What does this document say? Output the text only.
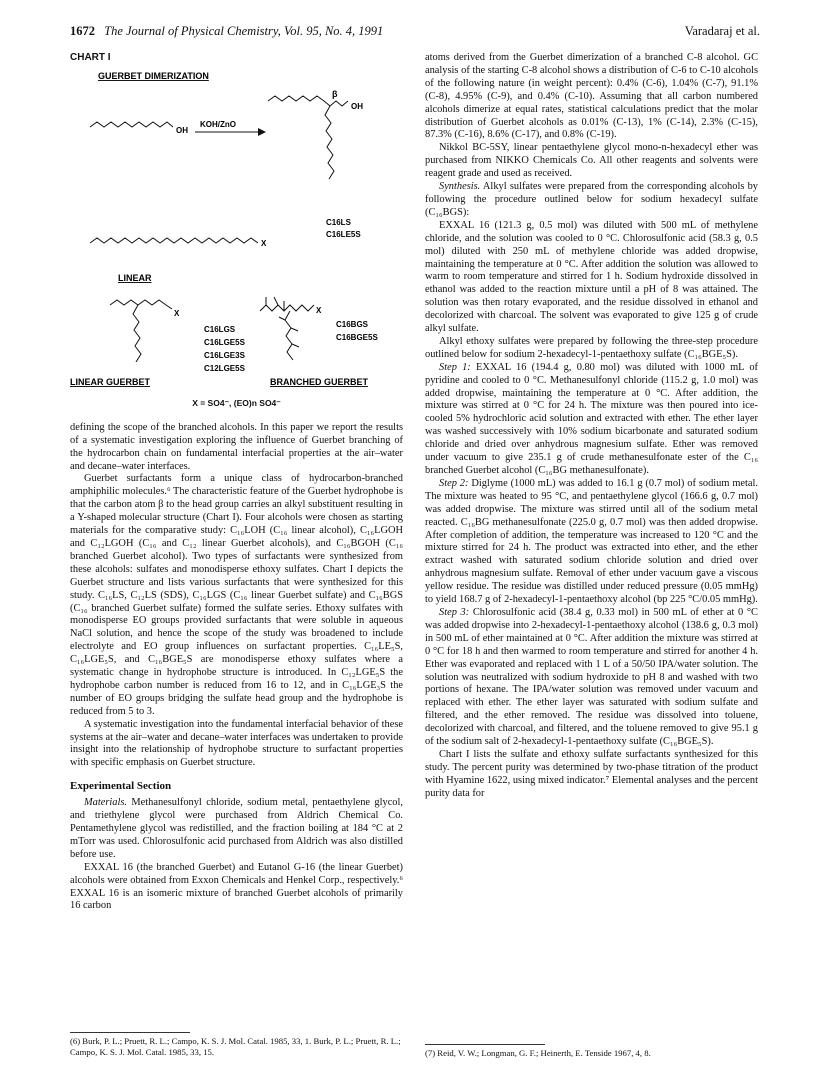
1672 The Journal of Physical Chemistry, Vol. 95, No. 4, 1991	Varadaraj et al.
CHART I
GUERBET DIMERIZATION
OH
KOH/ZnO
β
OH
X
C16LS
C16LE5S
LINEAR
X
C16LGS
C16LGE5S
C16LGE3S
C12LGE5S
X
C16BGS
C16BGE5S
LINEAR GUERBET	BRANCHED GUERBET
X = SO4⁻, (EO)n SO4⁻

defining the scope of the branched alcohols. In this paper we report the results of a systematic investigation exploring the influence of Guerbet branching of the hydrocarbon chain on fundamental interfacial properties at the air–water and decane–water interfaces.

Guerbet surfactants form a unique class of hydrocarbon-branched amphiphilic molecules.⁶ The characteristic feature of the Guerbet hydrophobe is that the carbon atom β to the head group carries an alkyl substituent resulting in a Y-shaped molecular structure (Chart I). Four alcohols were chosen as starting materials for the comparative study: C₁₆LOH (C₁₆ linear alcohol), C₁₆LGOH and C₁₂LGOH (C₁₆ and C₁₂ linear Guerbet alcohols), and C₁₆BGOH (C₁₆ branched Guerbet alcohol). Two types of surfactants were synthesized from these alcohols: sulfates and monodisperse ethoxy sulfates. Chart I depicts the Guerbet structure and lists various surfactants that were synthesized for this study. C₁₆LS, C₁₂LS (SDS), C₁₆LGS (C₁₆ linear Guerbet sulfate) and C₁₆BGS (C₁₆ branched Guerbet sulfate) formed the sulfate series. Ethoxy sulfates with monodisperse EO groups provided surfactants that were soluble in aqueous NaCl solution, and hence the scope of the study was broadened to include electrolyte and EO group influences on surfactant properties. C₁₆LE₅S, C₁₆LGE₅S, and C₁₆BGE₅S are monodisperse ethoxy sulfates where a systematic change in hydrophobe structure is introduced. In C₁₂LGE₅S the hydrophobe carbon number is reduced from 16 to 12, and in C₁₆LGE₃S the number of EO groups bridging the sulfate head group and the hydrophobe is reduced from 5 to 3.

A systematic investigation into the fundamental interfacial behavior of these systems at the air–water and decane–water interfaces was undertaken to provide insight into the relationship of hydrophobe structure to surfactant properties with specific emphasis on Guerbet structure.

Experimental Section

Materials. Methanesulfonyl chloride, sodium metal, pentaethylene glycol, and triethylene glycol were purchased from Aldrich Chemical Co. Pentamethylene glycol was redistilled, and the fraction boiling at 184 °C at 2 mTorr was used. Chlorosulfonic acid purchased from Aldrich was also distilled before use.

EXXAL 16 (the branched Guerbet) and Eutanol G-16 (the linear Guerbet) alcohols were obtained from Exxon Chemicals and Henkel Corp., respectively.⁶ EXXAL 16 is an isomeric mixture of branched Guerbet alcohols of primarily 16 carbon

(6) Burk, P. L.; Pruett, R. L.; Campo, K. S. J. Mol. Catal. 1985, 33, 1. Burk, P. L.; Pruett, R. L.; Campo, K. S. J. Mol. Catal. 1985, 33, 15.

atoms derived from the Guerbet dimerization of a branched C-8 alcohol. GC analysis of the starting C-8 alcohol shows a distribution of C-6 to C-10 alcohols of the following nature (in weight percent): 0.4% (C-6), 1.04% (C-7), 91.1% (C-8), 4.95% (C-9), and 0.4% (C-10). Assuming that all carbon numbered alcohols dimerize at equal rates, statistical calculations predict that the molar distribution of Guerbet alcohols as 0.01% (C-13), 1% (C-14), 2.3% (C-15), 87.3% (C-16), 8.6% (C-17), and 0.8% (C-19).

Nikkol BC-5SY, linear pentaethylene glycol mono-n-hexadecyl ether was purchased from NIKKO Chemicals Co. All other reagents and solvents were reagent grade and used as received.

Synthesis. Alkyl sulfates were prepared from the corresponding alcohols by following the procedure outlined below for sodium hexadecyl sulfate (C₁₆BGS):

EXXAL 16 (121.3 g, 0.5 mol) was diluted with 500 mL of methylene chloride, and the solution was cooled to 0 °C. Chlorosulfonic acid (58.3 g, 0.5 mol) diluted with 250 mL of methylene chloride was added dropwise, maintaining the temperature at 0 °C. After addition the solution was allowed to warm to room temperature and stirred for 1 h. Sodium hydroxide dissolved in ethanol was added to the reaction mixture until a pH of 8 was attained. The solution was then rotary evaporated, and the residue dissolved in ethanol and decolorized with charcoal. The solvent was evaporated to give 125 g of crude alkyl sulfate.

Alkyl ethoxy sulfates were prepared by following the three-step procedure outlined below for sodium 2-hexadecyl-1-pentaethoxy sulfate (C₁₆BGE₅S).

Step 1: EXXAL 16 (194.4 g, 0.80 mol) was diluted with 1000 mL of pyridine and cooled to 0 °C. Methanesulfonyl chloride (115.2 g, 1.0 mol) was added dropwise, maintaining the temperature at 0 °C. After addition, the mixture was stirred at 0 °C for 24 h. The mixture was then poured into ice-cooled 5% hydrochloric acid solution and extracted with ether. The ether layer was washed successively with 10% sodium bicarbonate and saturated sodium chloride and dried over anhydrous magnesium sulfate. Ether was removed under vacuum to give 235.1 g of crude methanesulfonate ester of the C₁₆ branched Guerbet alcohol (C₁₆BG methanesulfonate).

Step 2: Diglyme (1000 mL) was added to 16.1 g (0.7 mol) of sodium metal. The mixture was heated to 95 °C, and pentaethylene glycol (166.6 g, 0.7 mol) was added dropwise. The mixture was stirred until all of the sodium metal reacted. C₁₆BG methanesulfonate (225.0 g, 0.7 mol) was then added dropwise. After completion of addition, the temperature was increased to 120 °C and the mixture stirred for 24 h. The product was extracted into ether, and the ether extract washed with saturated sodium chloride solution and dried over anhydrous magnesium sulfate. Removal of ether under vacuum gave a viscous yellow residue. The residue was distilled under reduced pressure (0.05 mmHg) to yield 168.7 g of 2-hexadecyl-1-pentaethoxy alcohol (bp 225 °C/0.05 mmHg).

Step 3: Chlorosulfonic acid (38.4 g, 0.33 mol) in 500 mL of ether at 0 °C was added dropwise into 2-hexadecyl-1-pentaethoxy alcohol (138.6 g, 0.3 mol) in 500 mL of ether maintained at 0 °C. After addition the mixture was stirred at 0 °C for 18 h and then warmed to room temperature and stirred for another 4 h. Ether was evaporated and replaced with 1 L of a 50/50 IPA/water solution. The solution was neutralized with sodium hydroxide to pH 8 and washed with two portions of hexane. The IPA/water solution was removed under vacuum and replaced with ether. The ether layer was saturated with sodium sulfate and filtered, and the ether removed. The residue was dissolved into toluene, decolorized with charcoal, and filtered, and the toluene removed to give 95.1 g of the sodium salt of 2-hexadecyl-1-pentaethoxy sulfate (C₁₆BGE₅S).

Chart I lists the sulfate and ethoxy sulfate surfactants synthesized for this study. The percent purity was determined by two-phase titration of the product with Hyamine 1622, using mixed indicator.⁷ Elemental analyses and the percent purity data for

(7) Reid, V. W.; Longman, G. F.; Heinerth, E. Tenside 1967, 4, 8.
